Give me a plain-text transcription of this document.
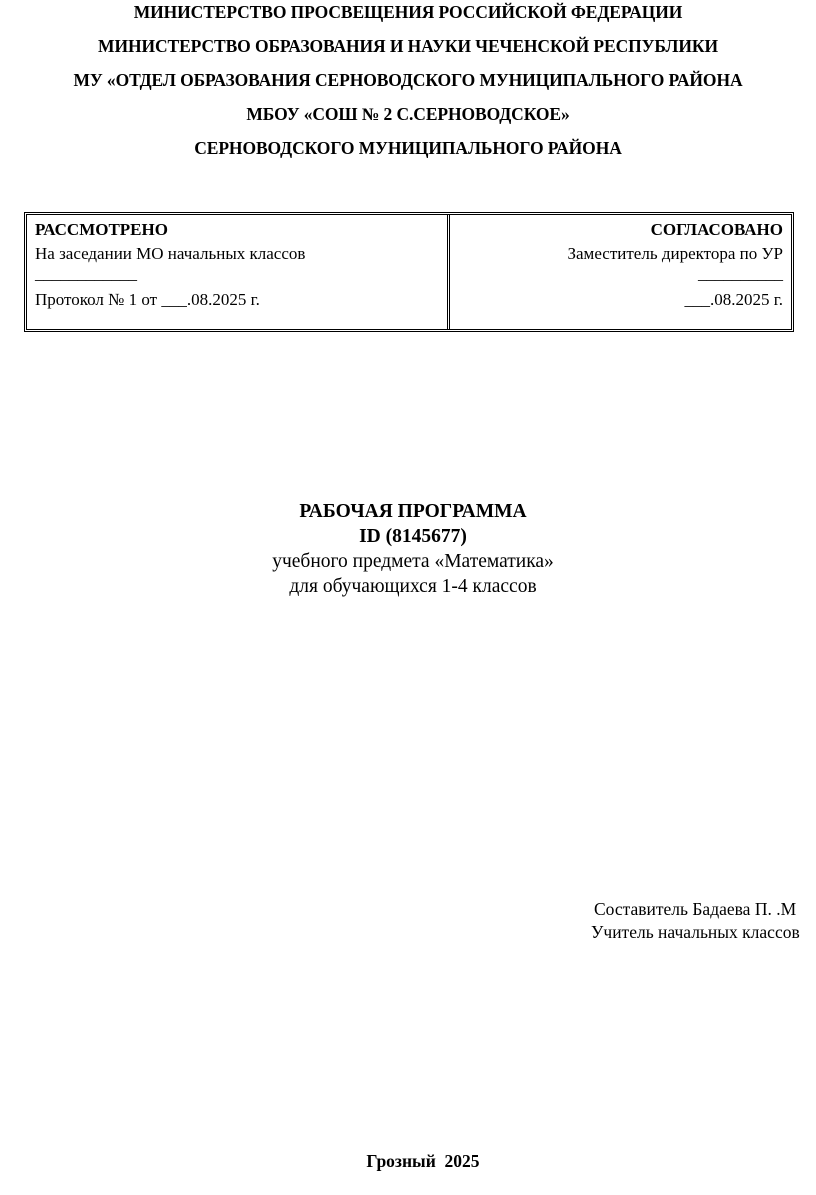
МИНИСТЕРСТВО ПРОСВЕЩЕНИЯ РОССИЙСКОЙ ФЕДЕРАЦИИ
МИНИСТЕРСТВО ОБРАЗОВАНИЯ И НАУКИ ЧЕЧЕНСКОЙ РЕСПУБЛИКИ
МУ «ОТДЕЛ ОБРАЗОВАНИЯ СЕРНОВОДСКОГО МУНИЦИПАЛЬНОГО РАЙОНА
МБОУ «СОШ № 2 С.СЕРНОВОДСКОЕ»
СЕРНОВОДСКОГО МУНИЦИПАЛЬНОГО РАЙОНА
РАССМОТРЕНО
На заседании МО начальных классов
____________
Протокол № 1 от ___.08.2025 г.
СОГЛАСОВАНО
Заместитель директора по УР
__________
___.08.2025 г.
РАБОЧАЯ ПРОГРАММА
ID (8145677)
учебного предмета «Математика»
для обучающихся 1-4 классов
Составитель Бадаева П. .М
Учитель начальных классов
Грозный  2025
